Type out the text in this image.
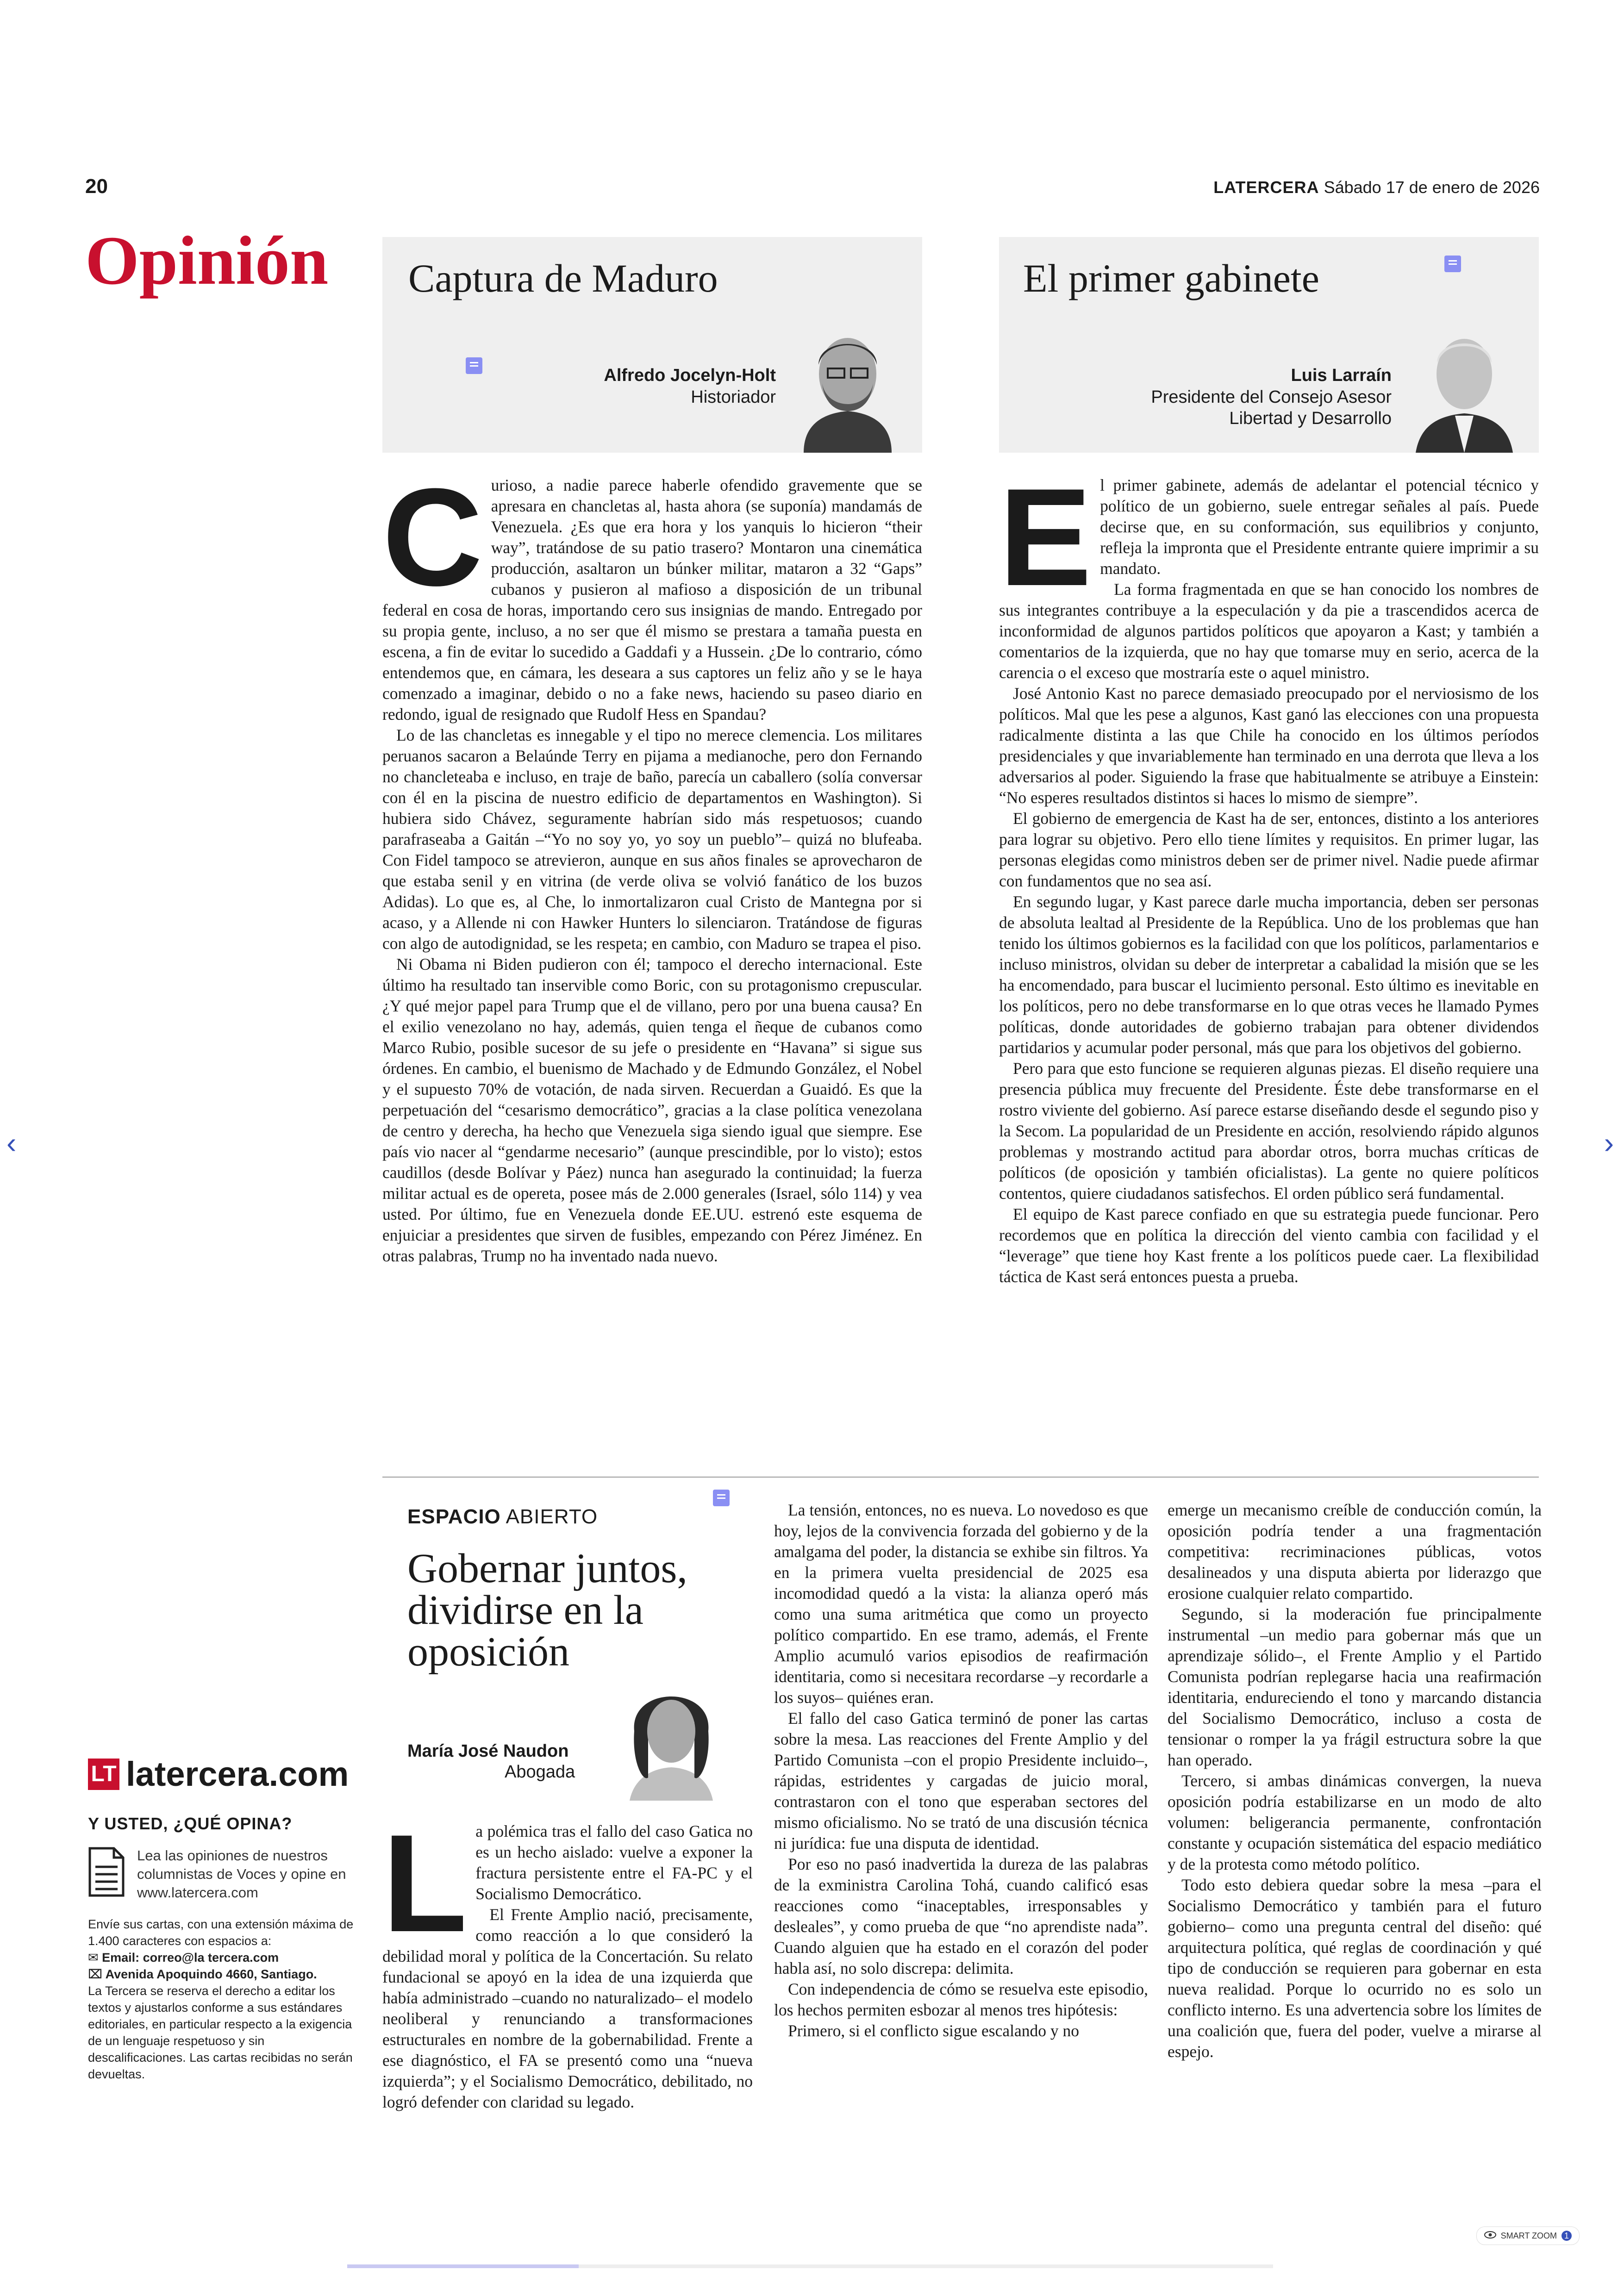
20	LATERCERA Sábado 17 de enero de 2026
Opinión Captura de Maduro
Alfredo Jocelyn-Holt
Historiador
El primer gabinete
Luis Larraín
Presidente del Consejo Asesor
Libertad y Desarrollo

Curioso, a nadie parece haberle ofendido gravemente que se apresara en chancletas al, hasta ahora (se suponía) mandamás de Venezuela. ¿Es que era hora y los yanquis lo hicieron “their way”, tratándose de su patio trasero? Montaron una cinemática producción, asaltaron un búnker militar, mataron a 32 “Gaps” cubanos y pusieron al mafioso a disposición de un tribunal federal en cosa de horas, importando cero sus insignias de mando. Entregado por su propia gente, incluso, a no ser que él mismo se prestara a tamaña puesta en escena, a fin de evitar lo sucedido a Gaddafi y a Hussein. ¿De lo contrario, cómo entendemos que, en cámara, les deseara a sus captores un feliz año y se le haya comenzado a imaginar, debido o no a fake news, haciendo su paseo diario en redondo, igual de resignado que Rudolf Hess en Spandau?

Lo de las chancletas es innegable y el tipo no merece clemencia. Los militares peruanos sacaron a Belaúnde Terry en pijama a medianoche, pero don Fernando no chancleteaba e incluso, en traje de baño, parecía un caballero (solía conversar con él en la piscina de nuestro edificio de departamentos en Washington). Si hubiera sido Chávez, seguramente habrían sido más respetuosos; cuando parafraseaba a Gaitán –“Yo no soy yo, yo soy un pueblo”– quizá no blufeaba. Con Fidel tampoco se atrevieron, aunque en sus años finales se aprovecharon de que estaba senil y en vitrina (de verde oliva se volvió fanático de los buzos Adidas). Lo que es, al Che, lo inmortalizaron cual Cristo de Mantegna por si acaso, y a Allende ni con Hawker Hunters lo silenciaron. Tratándose de figuras con algo de autodignidad, se les respeta; en cambio, con Maduro se trapea el piso.

Ni Obama ni Biden pudieron con él; tampoco el derecho internacional. Este último ha resultado tan inservible como Boric, con su protagonismo crepuscular. ¿Y qué mejor papel para Trump que el de villano, pero por una buena causa? En el exilio venezolano no hay, además, quien tenga el ñeque de cubanos como Marco Rubio, posible sucesor de su jefe o presidente en “Havana” si sigue sus órdenes. En cambio, el buenismo de Machado y de Edmundo González, el Nobel y el supuesto 70% de votación, de nada sirven. Recuerdan a Guaidó. Es que la perpetuación del “cesarismo democrático”, gracias a la clase política venezolana de centro y derecha, ha hecho que Venezuela siga siendo igual que siempre. Ese país vio nacer al “gendarme necesario” (aunque prescindible, por lo visto); estos caudillos (desde Bolívar y Páez) nunca han asegurado la continuidad; la fuerza militar actual es de opereta, posee más de 2.000 generales (Israel, sólo 114) y vea usted. Por último, fue en Venezuela donde EE.UU. estrenó este esquema de enjuiciar a presidentes que sirven de fusibles, empezando con Pérez Jiménez. En otras palabras, Trump no ha inventado nada nuevo.

El primer gabinete, además de adelantar el potencial técnico y político de un gobierno, suele entregar señales al país. Puede decirse que, en su conformación, sus equilibrios y conjunto, refleja la impronta que el Presidente entrante quiere imprimir a su mandato.

La forma fragmentada en que se han conocido los nombres de sus integrantes contribuye a la especulación y da pie a trascendidos acerca de inconformidad de algunos partidos políticos que apoyaron a Kast; y también a comentarios de la izquierda, que no hay que tomarse muy en serio, acerca de la carencia o el exceso que mostraría este o aquel ministro.

José Antonio Kast no parece demasiado preocupado por el nerviosismo de los políticos. Mal que les pese a algunos, Kast ganó las elecciones con una propuesta radicalmente distinta a las que Chile ha conocido en los últimos períodos presidenciales y que invariablemente han terminado en una derrota que lleva a los adversarios al poder. Siguiendo la frase que habitualmente se atribuye a Einstein: “No esperes resultados distintos si haces lo mismo de siempre”.

El gobierno de emergencia de Kast ha de ser, entonces, distinto a los anteriores para lograr su objetivo. Pero ello tiene límites y requisitos. En primer lugar, las personas elegidas como ministros deben ser de primer nivel. Nadie puede afirmar con fundamentos que no sea así.

En segundo lugar, y Kast parece darle mucha importancia, deben ser personas de absoluta lealtad al Presidente de la República. Uno de los problemas que han tenido los últimos gobiernos es la facilidad con que los políticos, parlamentarios e incluso ministros, olvidan su deber de interpretar a cabalidad la misión que se les ha encomendado, para buscar el lucimiento personal. Esto último es inevitable en los políticos, pero no debe transformarse en lo que otras veces he llamado Pymes políticas, donde autoridades de gobierno trabajan para obtener dividendos partidarios y acumular poder personal, más que para los objetivos del gobierno.

Pero para que esto funcione se requieren algunas piezas. El diseño requiere una presencia pública muy frecuente del Presidente. Éste debe transformarse en el rostro viviente del gobierno. Así parece estarse diseñando desde el segundo piso y la Secom. La popularidad de un Presidente en acción, resolviendo rápido algunos problemas y mostrando actitud para abordar otros, borra muchas críticas de políticos (de oposición y también oficialistas). La gente no quiere políticos contentos, quiere ciudadanos satisfechos. El orden público será fundamental.

El equipo de Kast parece confiado en que su estrategia puede funcionar. Pero recordemos que en política la dirección del viento cambia con facilidad y el “leverage” que tiene hoy Kast frente a los políticos puede caer. La flexibilidad táctica de Kast será entonces puesta a prueba.

ESPACIO ABIERTO
Gobernar juntos, dividirse en la oposición
María José Naudon
Abogada

La polémica tras el fallo del caso Gatica no es un hecho aislado: vuelve a exponer la fractura persistente entre el FA-PC y el Socialismo Democrático.

El Frente Amplio nació, precisamente, como reacción a lo que consideró la debilidad moral y política de la Concertación. Su relato fundacional se apoyó en la idea de una izquierda que había administrado –cuando no naturalizado– el modelo neoliberal y renunciando a transformaciones estructurales en nombre de la gobernabilidad. Frente a ese diagnóstico, el FA se presentó como una “nueva izquierda”; y el Socialismo Democrático, debilitado, no logró defender con claridad su legado.

La tensión, entonces, no es nueva. Lo novedoso es que hoy, lejos de la convivencia forzada del gobierno y de la amalgama del poder, la distancia se exhibe sin filtros. Ya en la primera vuelta presidencial de 2025 esa incomodidad quedó a la vista: la alianza operó más como una suma aritmética que como un proyecto político compartido. En ese tramo, además, el Frente Amplio acumuló varios episodios de reafirmación identitaria, como si necesitara recordarse –y recordarle a los suyos– quiénes eran.

El fallo del caso Gatica terminó de poner las cartas sobre la mesa. Las reacciones del Frente Amplio y del Partido Comunista –con el propio Presidente incluido–, rápidas, estridentes y cargadas de juicio moral, contrastaron con el tono que esperaban sectores del mismo oficialismo. No se trató de una discusión técnica ni jurídica: fue una disputa de identidad.

Por eso no pasó inadvertida la dureza de las palabras de la exministra Carolina Tohá, cuando calificó esas reacciones como “inaceptables, irresponsables y desleales”, y como prueba de que “no aprendiste nada”. Cuando alguien que ha estado en el corazón del poder habla así, no solo discrepa: delimita.

Con independencia de cómo se resuelva este episodio, los hechos permiten esbozar al menos tres hipótesis:

Primero, si el conflicto sigue escalando y no

emerge un mecanismo creíble de conducción común, la oposición podría tender a una fragmentación competitiva: recriminaciones públicas, votos desalineados y una disputa abierta por liderazgo que erosione cualquier relato compartido.

Segundo, si la moderación fue principalmente instrumental –un medio para gobernar más que un aprendizaje sólido–, el Frente Amplio y el Partido Comunista podrían replegarse hacia una reafirmación identitaria, endureciendo el tono y marcando distancia del Socialismo Democrático, incluso a costa de tensionar o romper la ya frágil estructura sobre la que han operado.

Tercero, si ambas dinámicas convergen, la nueva oposición podría estabilizarse en un modo de alto volumen: beligerancia permanente, confrontación constante y ocupación sistemática del espacio mediático y de la protesta como método político.

Todo esto debiera quedar sobre la mesa –para el Socialismo Democrático y también para el futuro gobierno– como una pregunta central del diseño: qué arquitectura política, qué reglas de coordinación y qué tipo de conducción se requieren para gobernar en esta nueva realidad. Porque lo ocurrido no es solo un conflicto interno. Es una advertencia sobre los límites de una coalición que, fuera del poder, vuelve a mirarse al espejo.

LT latercera.com
Y USTED, ¿QUÉ OPINA?
Lea las opiniones de nuestros columnistas de Voces y opine en www.latercera.com
Envíe sus cartas, con una extensión máxima de 1.400 caracteres con espacios a:
✉ Email: correo@la tercera.com
⌧ Avenida Apoquindo 4660, Santiago.
La Tercera se reserva el derecho a editar los textos y ajustarlos conforme a sus estándares editoriales, en particular respecto a la exigencia de un lenguaje respetuoso y sin descalificaciones. Las cartas recibidas no serán devueltas.
‹	›
SMART ZOOM 1
